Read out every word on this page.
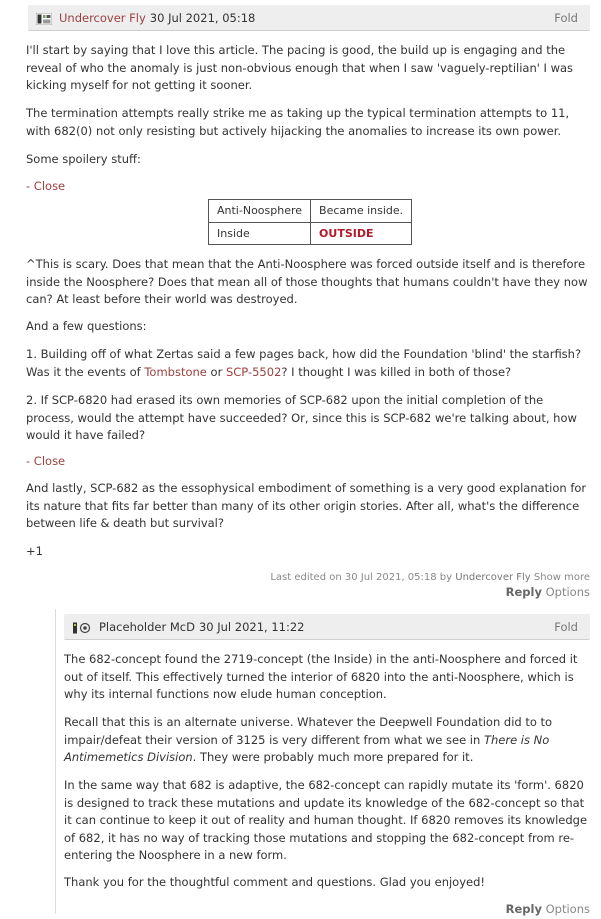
Undercover Fly 30 Jul 2021, 05:18	Fold

I'll start by saying that I love this article. The pacing is good, the build up is engaging and the reveal of who the anomaly is just non-obvious enough that when I saw 'vaguely-reptilian' I was kicking myself for not getting it sooner.

The termination attempts really strike me as taking up the typical termination attempts to 11, with 682(0) not only resisting but actively hijacking the anomalies to increase its own power.

Some spoilery stuff:

- Close

Anti-Noosphere	Became inside.
Inside	OUTSIDE

^This is scary. Does that mean that the Anti-Noosphere was forced outside itself and is therefore inside the Noosphere? Does that mean all of those thoughts that humans couldn't have they now can? At least before their world was destroyed.

And a few questions:

1. Building off of what Zertas said a few pages back, how did the Foundation 'blind' the starfish? Was it the events of Tombstone or SCP-5502? I thought I was killed in both of those?

2. If SCP-6820 had erased its own memories of SCP-682 upon the initial completion of the process, would the attempt have succeeded? Or, since this is SCP-682 we're talking about, how would it have failed?

- Close

And lastly, SCP-682 as the essophysical embodiment of something is a very good explanation for its nature that fits far better than many of its other origin stories. After all, what's the difference between life & death but survival?

+1

Last edited on 30 Jul 2021, 05:18 by Undercover Fly Show more
Reply Options
Placeholder McD 30 Jul 2021, 11:22	Fold

The 682-concept found the 2719-concept (the Inside) in the anti-Noosphere and forced it out of itself. This effectively turned the interior of 6820 into the anti-Noosphere, which is why its internal functions now elude human conception.

Recall that this is an alternate universe. Whatever the Deepwell Foundation did to to impair/defeat their version of 3125 is very different from what we see in There is No Antimemetics Division. They were probably much more prepared for it.

In the same way that 682 is adaptive, the 682-concept can rapidly mutate its 'form'. 6820 is designed to track these mutations and update its knowledge of the 682-concept so that it can continue to keep it out of reality and human thought. If 6820 removes its knowledge of 682, it has no way of tracking those mutations and stopping the 682-concept from re-entering the Noosphere in a new form.

Thank you for the thoughtful comment and questions. Glad you enjoyed!

Reply Options
